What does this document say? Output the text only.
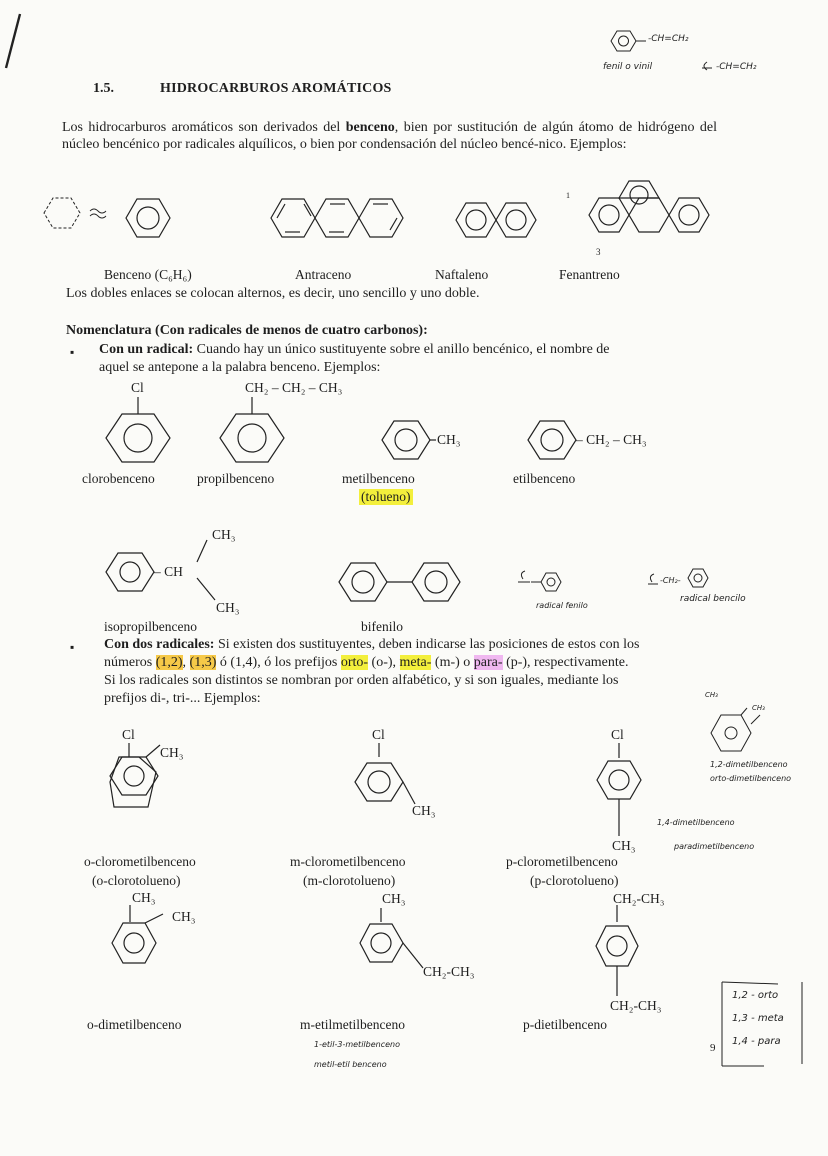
-CH=CH₂
fenil o vinil	-CH=CH₂
1.5.	HIDROCARBUROS AROMÁTICOS
Los hidrocarburos aromáticos son derivados del benceno, bien por sustitución de algún átomo de hidrógeno del núcleo bencénico por radicales alquílicos, o bien por condensación del núcleo bencé-nico. Ejemplos:
1
3
Benceno (C₆H₆)	Antraceno	Naftaleno	Fenantreno
Los dobles enlaces se colocan alternos, es decir, uno sencillo y uno doble.
Nomenclatura (Con radicales de menos de cuatro carbonos):
▪ Con un radical: Cuando hay un único sustituyente sobre el anillo bencénico, el nombre de
aquel se antepone a la palabra benceno. Ejemplos:
Cl	CH₂ – CH₂ – CH₃
CH₃	– CH₂ – CH₃
clorobenceno	propilbenceno	metilbenceno
(tolueno)
etilbenceno
CH₃
– CH
CH₃
isopropilbenceno	bifenilo
radical fenilo
-CH₂-
radical bencilo
▪ Con dos radicales: Si existen dos sustituyentes, deben indicarse las posiciones de estos con los
números (1,2), (1,3) ó (1,4), ó los prefijos orto- (o-), meta- (m-) o para- (p-), respectivamente.
Si los radicales son distintos se nombran por orden alfabético, y si son iguales, mediante los
prefijos di-, tri-... Ejemplos:
Cl
CH₃
Cl
CH₃
Cl
CH₃
o-clorometilbenceno
(o-clorotolueno)
m-clorometilbenceno
(m-clorotolueno)
p-clorometilbenceno
(p-clorotolueno)
CH₃
CH₃
CH₃
CH₂-CH₃
CH₂-CH₃
CH₂-CH₃
o-dimetilbenceno	m-etilmetilbenceno	p-dietilbenceno
CH₃
CH₃
1,2-dimetilbenceno
orto-dimetilbenceno
1,4-dimetilbenceno
paradimetilbenceno
1-etil-3-metilbenceno
metil-etil benceno
1,2 - orto
1,3 - meta
1,4 - para
9
